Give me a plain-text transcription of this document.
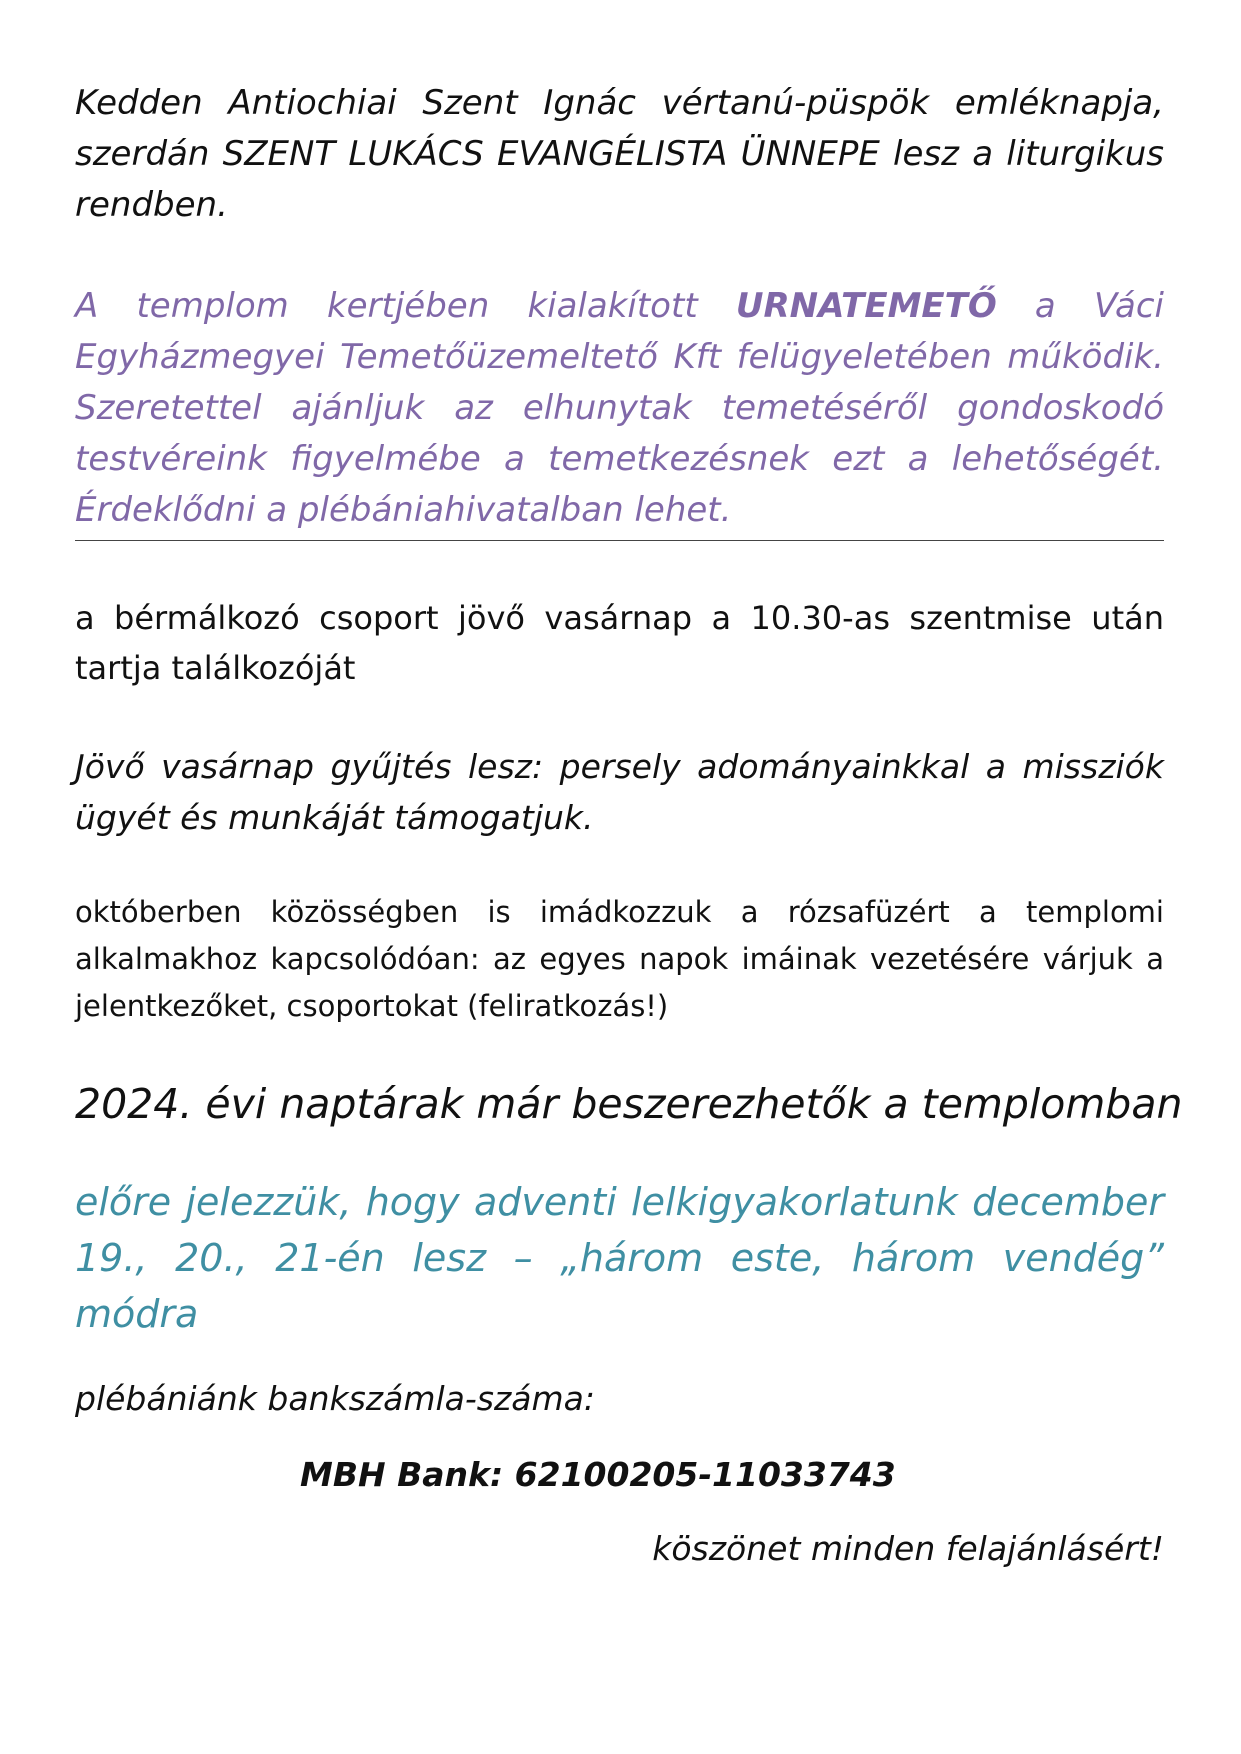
Kedden Antiochiai Szent Ignác vértanú-püspök emléknapja, szerdán SZENT LUKÁCS EVANGÉLISTA ÜNNEPE lesz a liturgikus rendben.

A templom kertjében kialakított URNATEMETŐ a Váci Egyházmegyei Temetőüzemeltető Kft felügyeletében működik. Szeretettel ajánljuk az elhunytak temetéséről gondoskodó testvéreink figyelmébe a temetkezésnek ezt a lehetőségét. Érdeklődni a plébániahivatalban lehet.

a bérmálkozó csoport jövő vasárnap a 10.30-as szentmise után tartja találkozóját

Jövő vasárnap gyűjtés lesz: persely adományainkkal a missziók ügyét és munkáját támogatjuk.

októberben közösségben is imádkozzuk a rózsafüzért a templomi alkalmakhoz kapcsolódóan: az egyes napok imáinak vezetésére várjuk a jelentkezőket, csoportokat (feliratkozás!)

2024. évi naptárak már beszerezhetők a templomban

előre jelezzük, hogy adventi lelkigyakorlatunk december 19., 20., 21-én lesz – „három este, három vendég” módra

plébániánk bankszámla-száma:

MBH Bank: 62100205-11033743

köszönet minden felajánlásért!
